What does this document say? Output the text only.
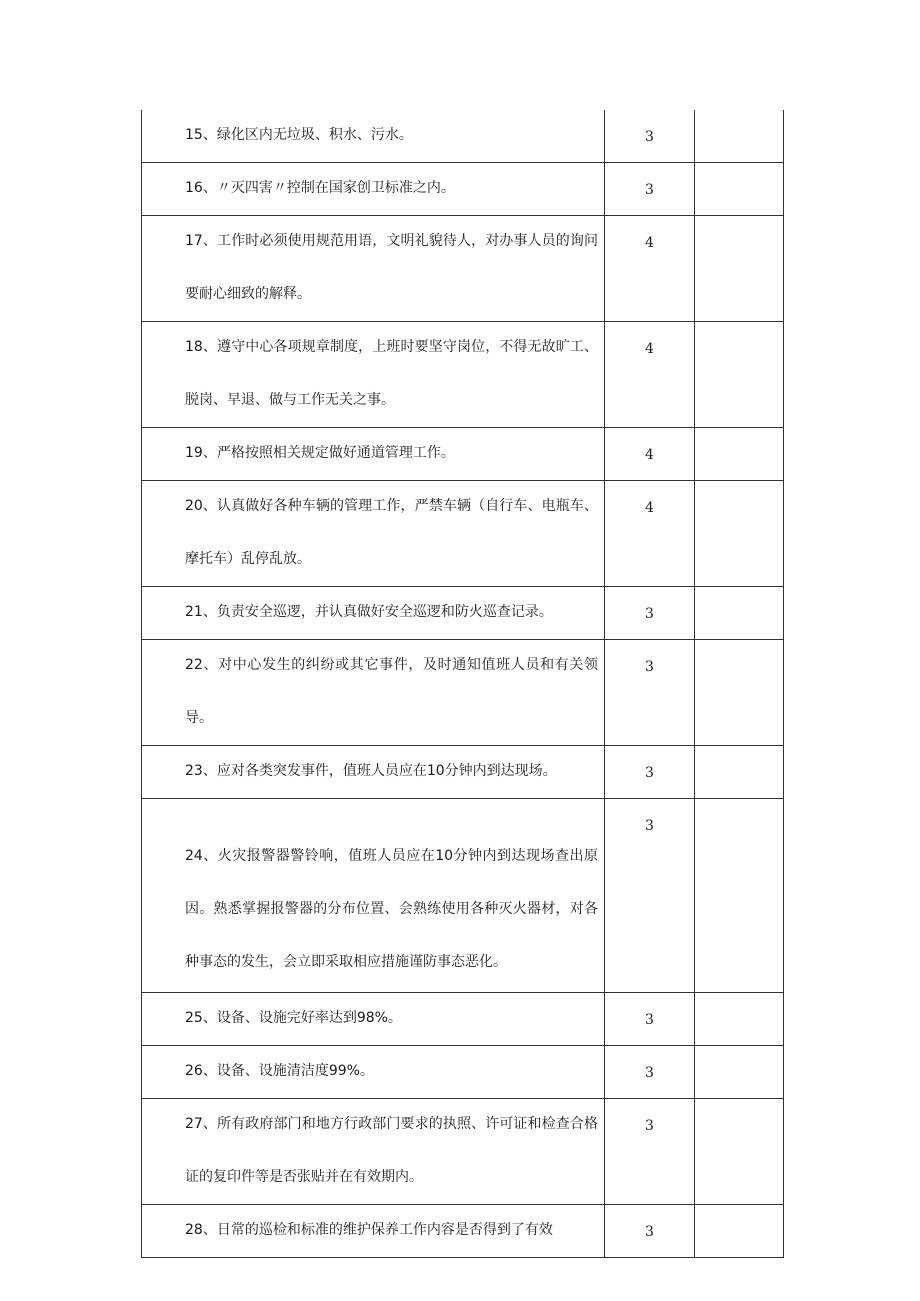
15、绿化区内无垃圾、积水、污水。	3	

16、〃灭四害〃控制在国家创卫标准之内。	3	

17、工作时必须使用规范用语，文明礼貌待人，对办事人员的询问要耐心细致的解释。	4	

18、遵守中心各项规章制度，上班时要坚守岗位，不得无故旷工、脱岗、早退、做与工作无关之事。	4	

19、严格按照相关规定做好通道管理工作。	4	

20、认真做好各种车辆的管理工作，严禁车辆（自行车、电瓶车、摩托车）乱停乱放。	4	

21、负责安全巡逻，并认真做好安全巡逻和防火巡查记录。	3	

22、对中心发生的纠纷或其它事件，及时通知值班人员和有关领导。	3	

23、应对各类突发事件，值班人员应在10分钟内到达现场。	3	

24、火灾报警器警铃响，值班人员应在10分钟内到达现场查出原因。熟悉掌握报警器的分布位置、会熟练使用各种灭火器材，对各种事态的发生，会立即采取相应措施谨防事态恶化。	3	

25、设备、设施完好率达到98%。	3	

26、设备、设施清洁度99%。	3	

27、所有政府部门和地方行政部门要求的执照、许可证和检查合格证的复印件等是否张贴并在有效期内。	3	

28、日常的巡检和标准的维护保养工作内容是否得到了有效	3	
